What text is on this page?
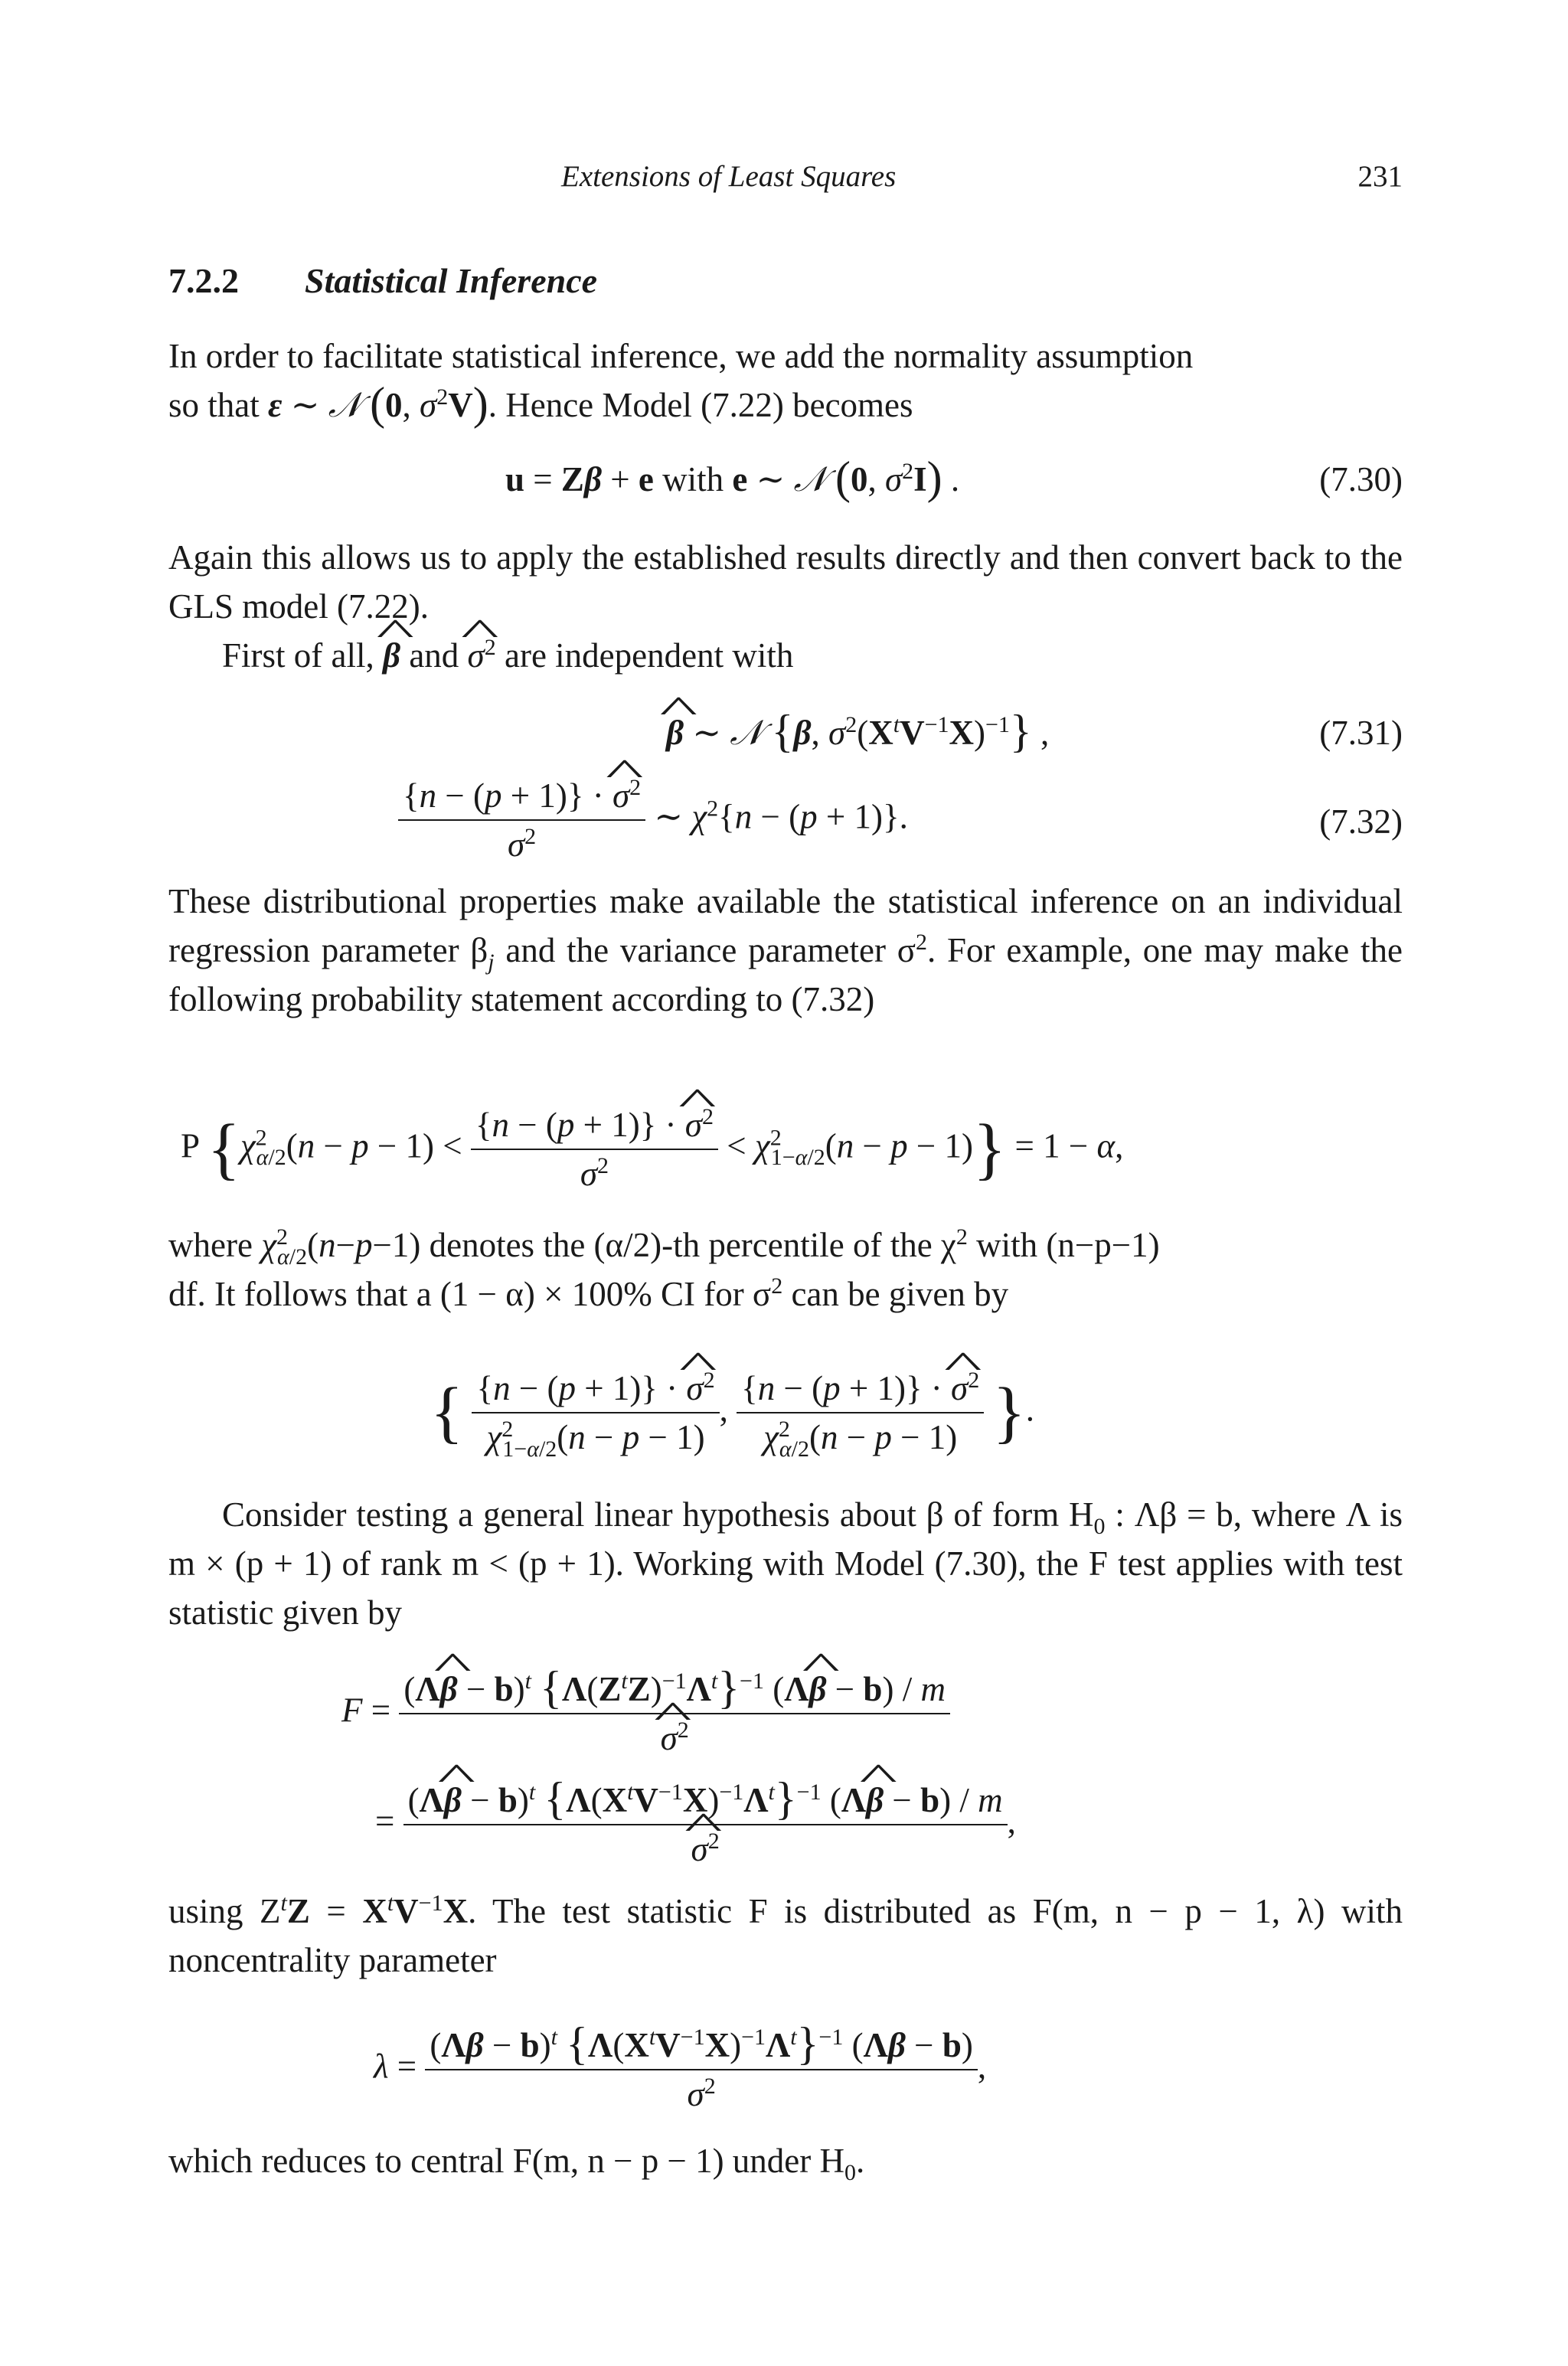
Extensions of Least Squares	231
7.2.2 Statistical Inference
In order to facilitate statistical inference, we add the normality assumption
so that ε ∼ 𝒩 (0, $\sigma^2V$). Hence Model (7.22) becomes
u = Zβ + e with e ∼ 𝒩 (0, $\sigma^2I$) .	(7.30)
Again this allows us to apply the established results directly and then convert back to the GLS model (7.22).
First of all, ^ β and ^ $\sigma^2$ are independent with
^ β ∼ 𝒩 {β, $\sigma^2(X^tV^{-1}X)^{-1}$} ,	(7.31)
$\frac{\{n - (p + 1)\} \cdot \^{} \sigma^2}{\sigma^2}$ ∼ $\chi^2\{n - (p + 1)\}$.	(7.32)
These distributional properties make available the statistical inference on an individual regression parameter $\beta_j$ and the variance parameter $\sigma^2$. For example, one may make the following probability statement according to (7.32)
P $\{\chi^2_{\alpha/2}(n - p - 1) < \frac{\{n - (p + 1)\} \cdot \^{} \sigma^2}{\sigma^2} < \chi^2_{1-\alpha/2}(n - p - 1)\} = 1 - \alpha$,
where $\chi^2_{\alpha/2}(n-p-1)$ denotes the (α/2)-th percentile of the $\chi^2$ with (n−p−1)
df. It follows that a (1 − α) × 100% CI for $\sigma^2$ can be given by
{ $\frac{\{n - (p + 1)\} \cdot \^{} \sigma^2}{\chi^2_{1-\alpha/2}(n - p - 1)}$ , $\frac{\{n - (p + 1)\} \cdot \^{} \sigma^2}{\chi^2_{\alpha/2}(n - p - 1)}$ }.
Consider testing a general linear hypothesis about β of form $H_0$ : Λβ = b, where Λ is m × (p + 1) of rank m < (p + 1). Working with Model (7.30), the F test applies with test statistic given by
F = (Λ^ β − b)$^t$ $\{\Lambda(Z^tZ)^{-1}\Lambda^t\}^{-1}$ (Λ^ β − b) / m
^ $\sigma^2$
= (Λ^ β − b)$^t$ $\{\Lambda(X^tV^{-1}X)^{-1}\Lambda^t\}^{-1}$ (Λ^ β − b) / m
^ $\sigma^2$ ,
using $Z^tZ = X^tV^{-1}X$. The test statistic F is distributed as F(m, n − p − 1, λ) with noncentrality parameter
$\lambda = \frac{(\Lambda\beta - b)^t \{\Lambda(X^tV^{-1}X)^{-1}\Lambda^t\}^{-1} (\Lambda\beta - b)}{\sigma^2}$ ,
which reduces to central F(m, n − p − 1) under $H_0$.
